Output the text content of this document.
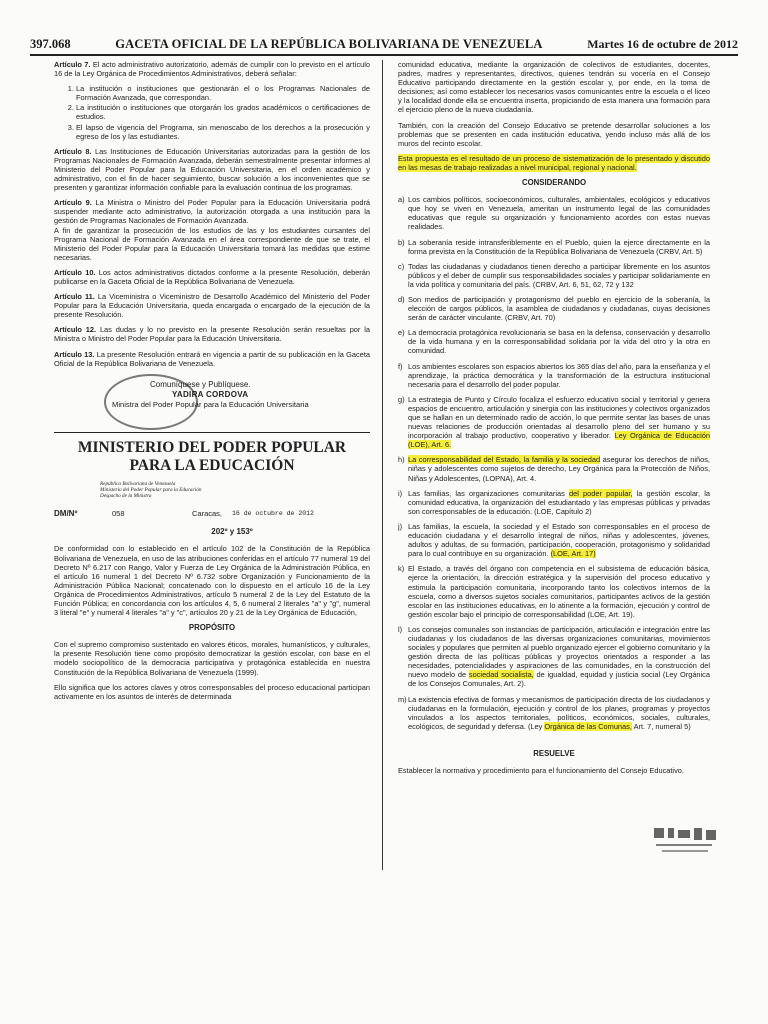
397.068	GACETA OFICIAL DE LA REPÚBLICA BOLIVARIANA DE VENEZUELA	Martes 16 de octubre de 2012

Artículo 7. El acto administrativo autorizatorio, además de cumplir con lo previsto en el artículo 16 de la Ley Orgánica de Procedimientos Administrativos, deberá señalar:

1. La institución o instituciones que gestionarán el o los Programas Nacionales de Formación Avanzada, que correspondan.
2. La institución o instituciones que otorgarán los grados académicos o certificaciones de estudios.
3. El lapso de vigencia del Programa, sin menoscabo de los derechos a la prosecución y egreso de los y las estudiantes.

Artículo 8. Las Instituciones de Educación Universitarias autorizadas para la gestión de los Programas Nacionales de Formación Avanzada, deberán semestralmente presentar informes al Ministerio del Poder Popular para la Educación Universitaria, en el orden académico y administrativo, con el fin de hacer seguimiento, buscar solución a los inconvenientes que se presenten y garantizar información confiable para la evaluación continua de los programas.

Artículo 9. La Ministra o Ministro del Poder Popular para la Educación Universitaria podrá suspender mediante acto administrativo, la autorización otorgada a una institución para la gestión de Programas Nacionales de Formación Avanzada.

A fin de garantizar la prosecución de los estudios de las y los estudiantes cursantes del Programa Nacional de Formación Avanzada en el área correspondiente de que se trate, el Ministerio del Poder Popular para la Educación Universitaria tomará las medidas que estime necesarias.

Artículo 10. Los actos administrativos dictados conforme a la presente Resolución, deberán publicarse en la Gaceta Oficial de la República Bolivariana de Venezuela.

Artículo 11. La Viceministra o Viceministro de Desarrollo Académico del Ministerio del Poder Popular para la Educación Universitaria, queda encargada o encargado de la ejecución de la presente Resolución.

Artículo 12. Las dudas y lo no previsto en la presente Resolución serán resueltas por la Ministra o Ministro del Poder Popular para la Educación Universitaria.

Artículo 13. La presente Resolución entrará en vigencia a partir de su publicación en la Gaceta Oficial de la República Bolivariana de Venezuela.

Comuníquese y Publíquese.
YADIRA CORDOVA
Ministra del Poder Popular para la Educación Universitaria
MINISTERIO DEL PODER POPULAR
PARA LA EDUCACIÓN
República Bolivariana de Venezuela
Ministerio del Poder Popular para la Educación
Despacho de la Ministra
DM/Nº	058	Caracas, 16 de octubre de 2012
202º y 153º

De conformidad con lo establecido en el artículo 102 de la Constitución de la República Bolivariana de Venezuela, en uso de las atribuciones conferidas en el artículo 77 numeral 19 del Decreto Nº 6.217 con Rango, Valor y Fuerza de Ley Orgánica de la Administración Pública, en el artículo 16 numeral 1 del Decreto Nº 6.732 sobre Organización y Funcionamiento de la Administración Pública Nacional; concatenado con lo dispuesto en el artículo 16 de la Ley Orgánica de Procedimientos Administrativos, artículo 5 numeral 2 de la Ley del Estatuto de la Función Pública; en concordancia con los artículos 4, 5, 6 numeral 2 literales "a" y "g", numeral 3 literal "e" y numeral 4 literales "a" y "c", artículos 20 y 21 de la Ley Orgánica de Educación,

PROPÓSITO

Con el supremo compromiso sustentado en valores éticos, morales, humanísticos, y culturales, la presente Resolución tiene como propósito democratizar la gestión escolar, con base en el modelo sociopolítico de la democracia participativa y protagónica establecida en nuestra Constitución de la República Bolivariana de Venezuela (1999).

Ello significa que los actores claves y otros corresponsables del proceso educacional participan activamente en los asuntos de interés de determinada

comunidad educativa, mediante la organización de colectivos de estudiantes, docentes, padres, madres y representantes, directivos, quienes tendrán su vocería en el Consejo Educativo participando directamente en la gestión escolar y, por ende, en la toma de decisiones; así como establecer los necesarios vasos comunicantes entre la escuela o el liceo y la localidad donde ella se encuentra inserta, propiciando de esta manera una formación para el ejercicio pleno de la nueva ciudadanía.

También, con la creación del Consejo Educativo se pretende desarrollar soluciones a los problemas que se presenten en cada institución educativa, yendo incluso más allá de los muros del recinto escolar.

Esta propuesta es el resultado de un proceso de sistematización de lo presentado y discutido en las mesas de trabajo realizadas a nivel municipal, regional y nacional.

CONSIDERANDO
a) Los cambios políticos, socioeconómicos, culturales, ambientales, ecológicos y educativos que hoy se viven en Venezuela, ameritan un instrumento legal de las comunidades educativas que regule su organización y funcionamiento acordes con estas nuevas realidades.
b) La soberanía reside intransferiblemente en el Pueblo, quien la ejerce directamente en la forma prevista en la Constitución de la República Bolivariana de Venezuela (CRBV, Art. 5)
c) Todas las ciudadanas y ciudadanos tienen derecho a participar libremente en los asuntos públicos y el deber de cumplir sus responsabilidades sociales y participar solidariamente en la vida política y comunitaria del país. (CRBV, Art. 6, 51, 62, 72 y 132
d) Son medios de participación y protagonismo del pueblo en ejercicio de la soberanía, la elección de cargos públicos, la asamblea de ciudadanos y ciudadanas, cuyas decisiones serán de carácter vinculante. (CRBV, Art. 70)
e) La democracia protagónica revolucionaria se basa en la defensa, conservación y desarrollo de la vida humana y en la corresponsabilidad solidaria por la vida del otro y la otra en comunidad.
f) Los ambientes escolares son espacios abiertos los 365 días del año, para la enseñanza y el aprendizaje, la práctica democrática y la transformación de la estructura institucional necesaria para el desarrollo del poder popular.
g) La estrategia de Punto y Círculo focaliza el esfuerzo educativo social y territorial y genera espacios de encuentro, articulación y sinergia con las instituciones y colectivos organizados que se hallan en un determinado radio de acción, lo que permite sentar las bases de unas nuevas relaciones de producción orientadas al desarrollo pleno del ser humano y su incorporación al trabajo productivo, cooperativo y liberador. Ley Orgánica de Educación (LOE), Art. 6.
h) La corresponsabilidad del Estado, la familia y la sociedad asegurar los derechos de niños, niñas y adolescentes como sujetos de derecho, Ley Orgánica para la Protección de Niños, Niñas y Adolescentes, (LOPNA), Art. 4.
i) Las familias, las organizaciones comunitarias del poder popular, la gestión escolar, la comunidad educativa, la organización del estudiantado y las empresas públicas y privadas son corresponsables de la educación. (LOE, Capítulo 2)
j) Las familias, la escuela, la sociedad y el Estado son corresponsables en el proceso de educación ciudadana y el desarrollo integral de niños, niñas y adolescentes, jóvenes, adultos y adultas, de su formación, participación, cooperación, protagonismo y solidaridad para lo cual contribuye en su organización. (LOE, Art. 17)
k) El Estado, a través del órgano con competencia en el subsistema de educación básica, ejerce la orientación, la dirección estratégica y la supervisión del proceso educativo y estimula la participación comunitaria, incorporando tanto los colectivos internos de la escuela, como a diversos sujetos sociales comunitarios, participantes activos de la gestión escolar en las instituciones educativas, en lo atinente a la formación, ejecución y control de gestión escolar bajo el principio de corresponsabilidad (LOE, Art. 19).
l) Los consejos comunales son instancias de participación, articulación e integración entre las ciudadanas y los ciudadanos de las diversas organizaciones comunitarias, movimientos sociales y populares que permiten al pueblo organizado ejercer el gobierno comunitario y la gestión directa de las políticas públicas y proyectos orientados a responder a las necesidades, potencialidades y aspiraciones de las comunidades, en la construcción del nuevo modelo de sociedad socialista, de igualdad, equidad y justicia social (Ley Orgánica de los Consejos Comunales, Art. 2).
m) La existencia efectiva de formas y mecanismos de participación directa de los ciudadanos y ciudadanas en la formulación, ejecución y control de los planes, programas y proyectos vinculados a los aspectos territoriales, políticos, económicos, sociales, culturales, ecológicos, de seguridad y defensa. (Ley Orgánica de las Comunas, Art. 7, numeral 5)
RESUELVE

Establecer la normativa y procedimiento para el funcionamiento del Consejo Educativo.
